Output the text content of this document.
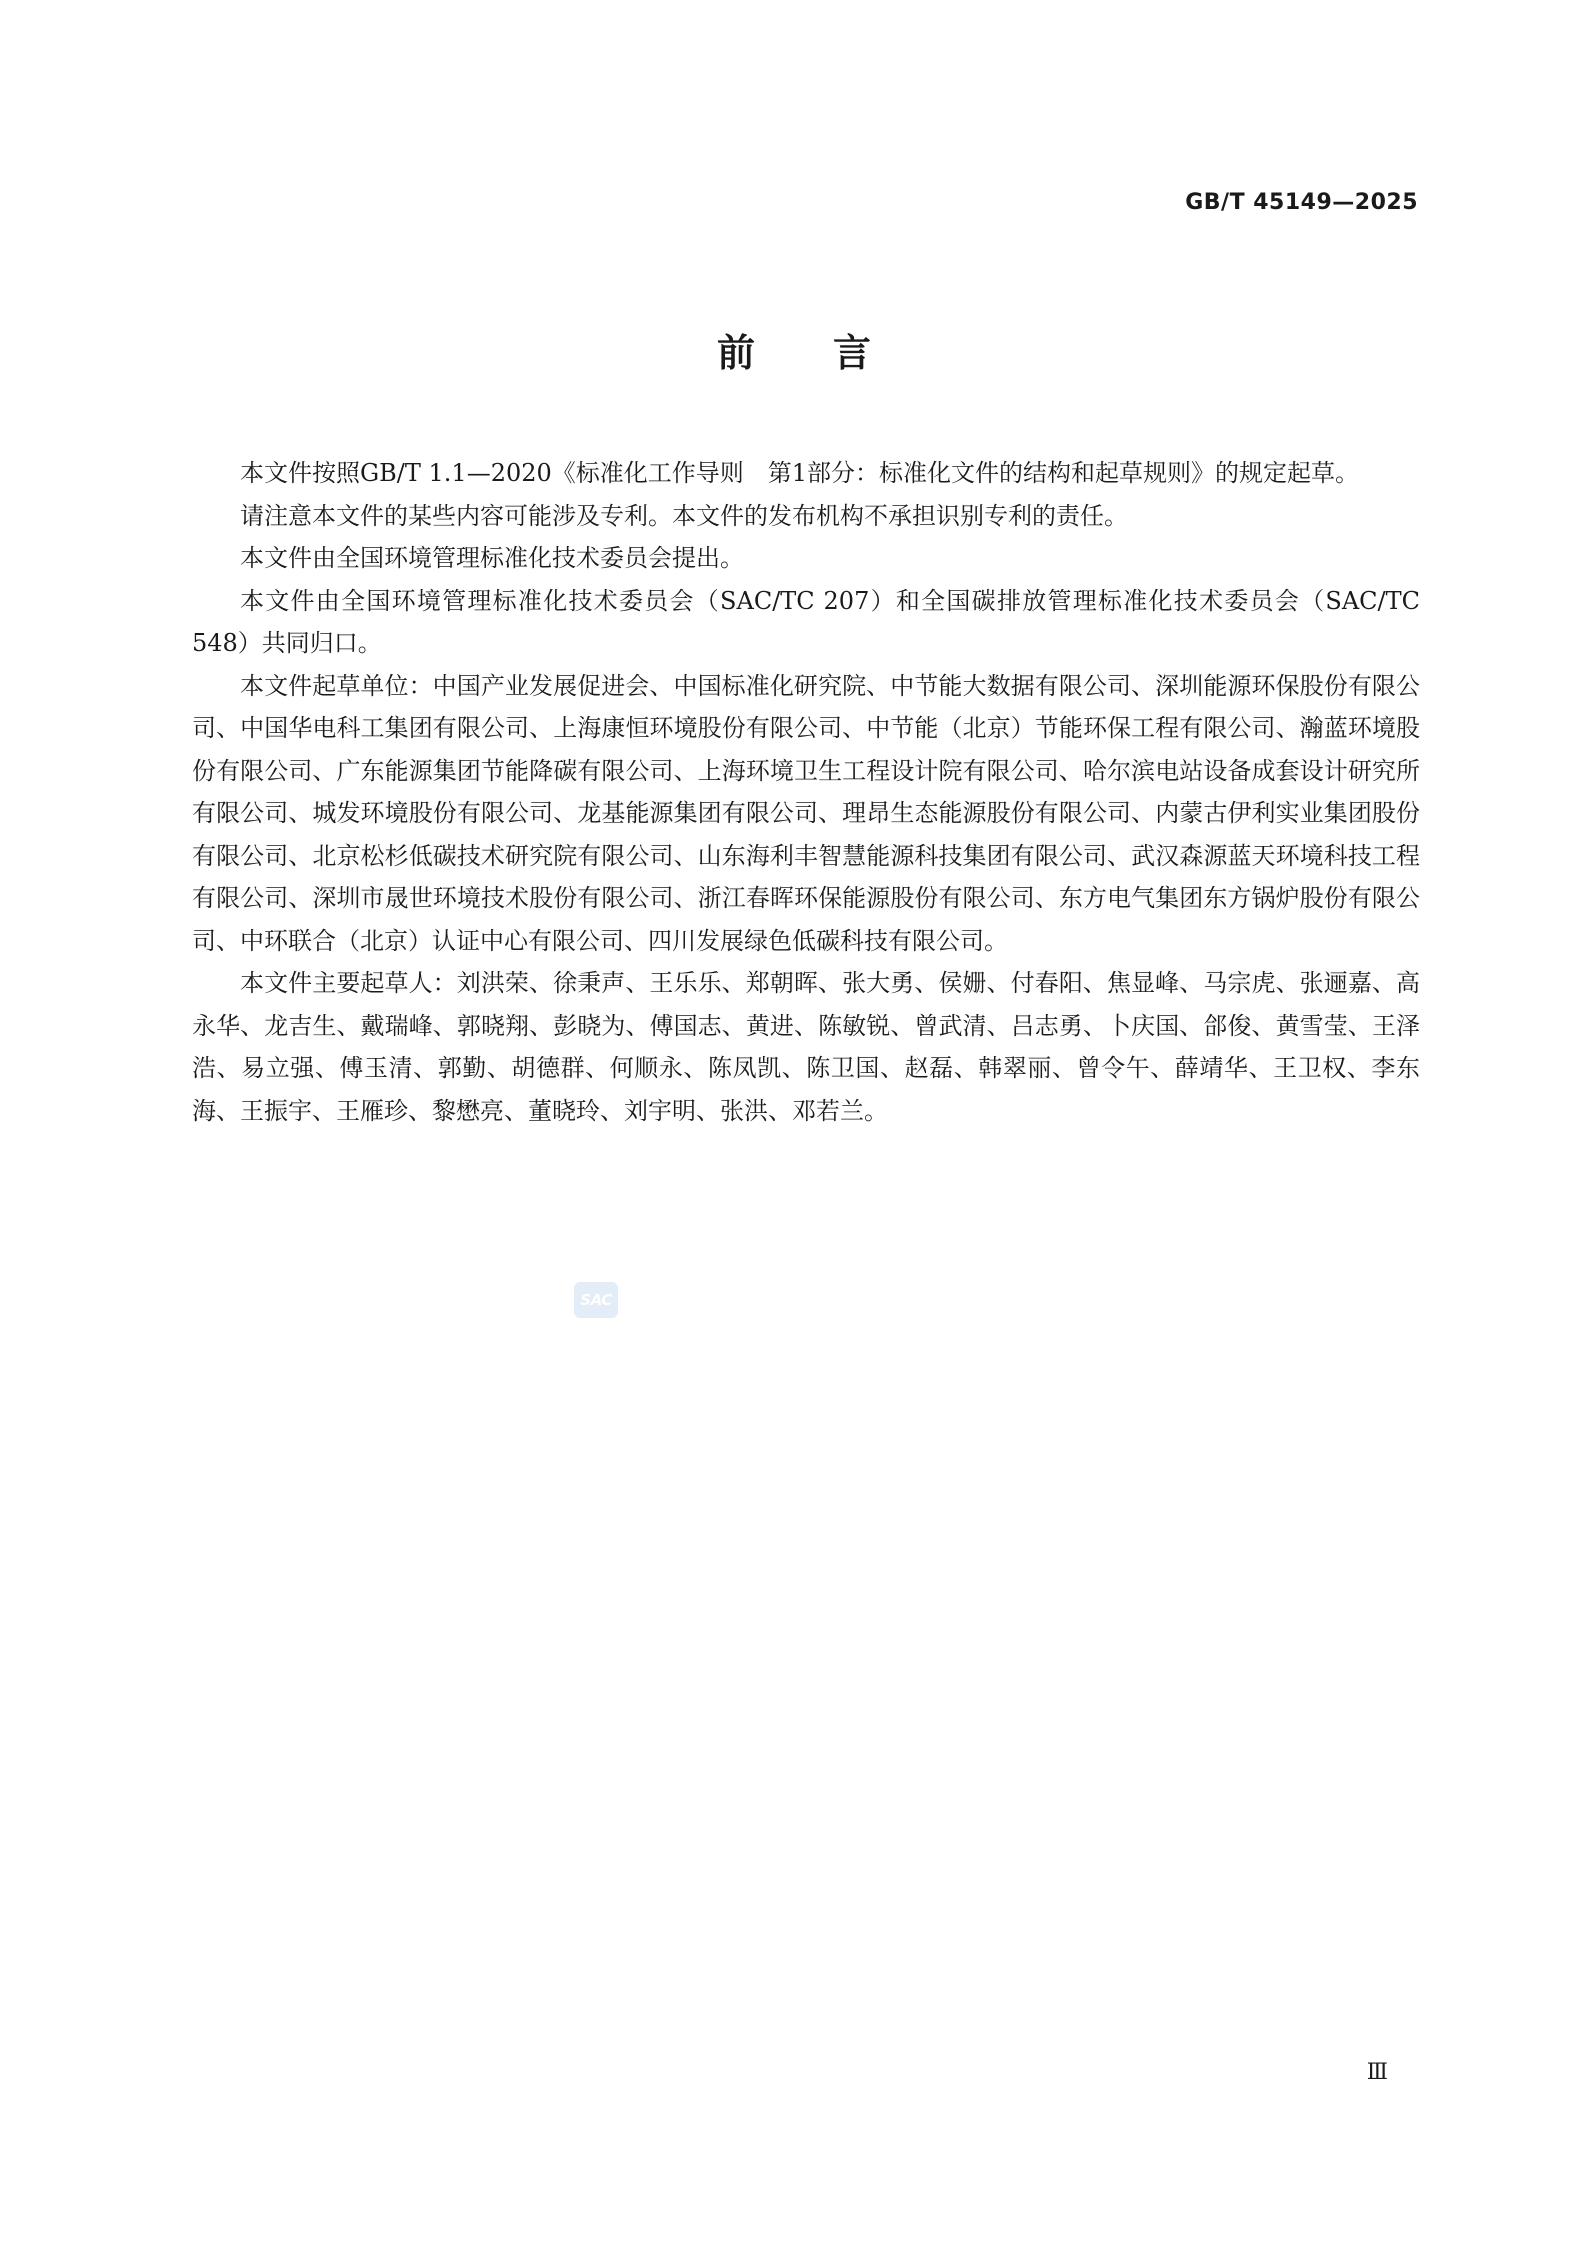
GB/T 45149—2025
前 言

本文件按照GB/T 1.1—2020《标准化工作导则　第1部分：标准化文件的结构和起草规则》的规定起草。

请注意本文件的某些内容可能涉及专利。本文件的发布机构不承担识别专利的责任。

本文件由全国环境管理标准化技术委员会提出。

本文件由全国环境管理标准化技术委员会（SAC/TC 207）和全国碳排放管理标准化技术委员会（SAC/TC 548）共同归口。

本文件起草单位：中国产业发展促进会、中国标准化研究院、中节能大数据有限公司、深圳能源环保股份有限公司、中国华电科工集团有限公司、上海康恒环境股份有限公司、中节能（北京）节能环保工程有限公司、瀚蓝环境股份有限公司、广东能源集团节能降碳有限公司、上海环境卫生工程设计院有限公司、哈尔滨电站设备成套设计研究所有限公司、城发环境股份有限公司、龙基能源集团有限公司、理昂生态能源股份有限公司、内蒙古伊利实业集团股份有限公司、北京松杉低碳技术研究院有限公司、山东海利丰智慧能源科技集团有限公司、武汉森源蓝天环境科技工程有限公司、深圳市晟世环境技术股份有限公司、浙江春晖环保能源股份有限公司、东方电气集团东方锅炉股份有限公司、中环联合（北京）认证中心有限公司、四川发展绿色低碳科技有限公司。

本文件主要起草人：刘洪荣、徐秉声、王乐乐、郑朝晖、张大勇、侯姗、付春阳、焦显峰、马宗虎、张逦嘉、高永华、龙吉生、戴瑞峰、郭晓翔、彭晓为、傅国志、黄进、陈敏锐、曾武清、吕志勇、卜庆国、郃俊、黄雪莹、王泽浩、易立强、傅玉清、郭勤、胡德群、何顺永、陈凤凯、陈卫国、赵磊、韩翠丽、曾令午、薛靖华、王卫权、李东海、王振宇、王雁珍、黎懋亮、董晓玲、刘宇明、张洪、邓若兰。

SAC
Ⅲ
